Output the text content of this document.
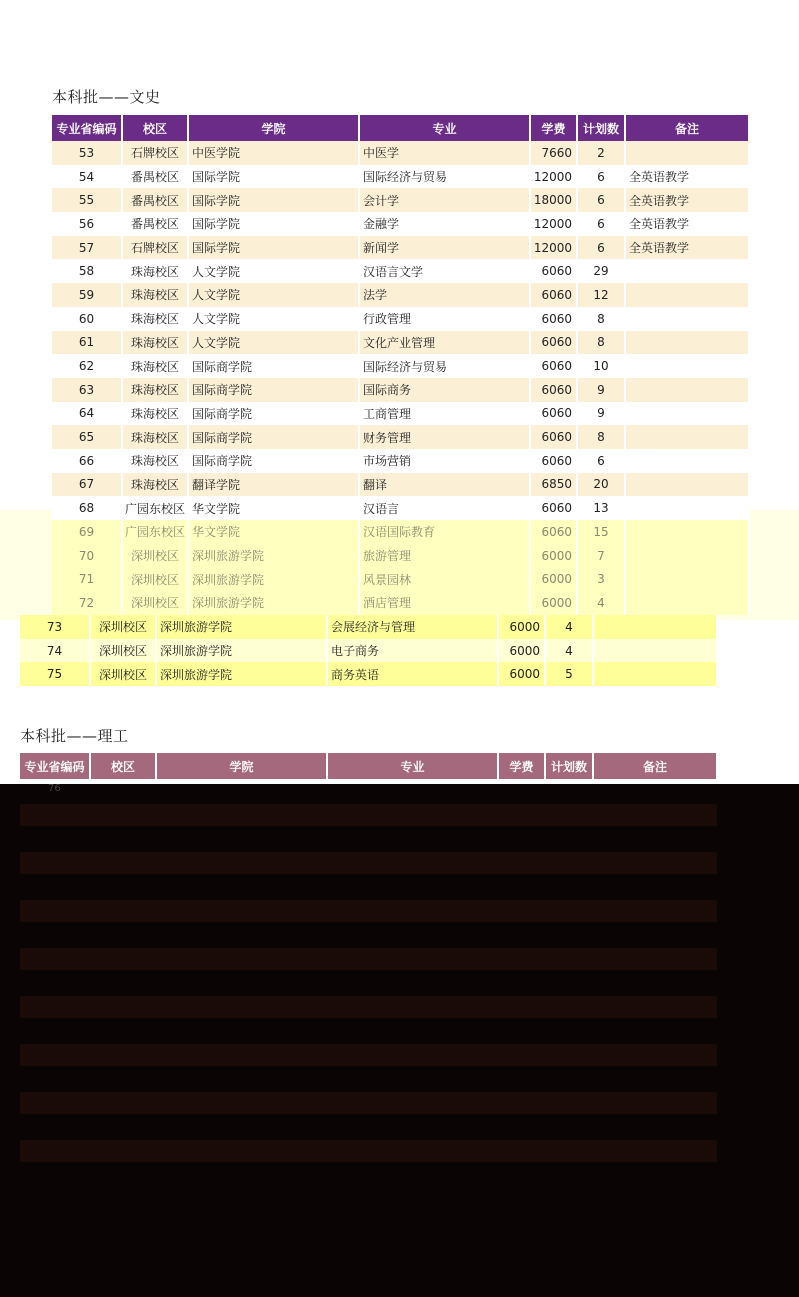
本科批——文史
专业省编码	校区	学院	专业	学费	计划数	备注
53	石牌校区	中医学院	中医学	7660	2	
54	番禺校区	国际学院	国际经济与贸易	12000	6	全英语教学
55	番禺校区	国际学院	会计学	18000	6	全英语教学
56	番禺校区	国际学院	金融学	12000	6	全英语教学
57	石牌校区	国际学院	新闻学	12000	6	全英语教学
58	珠海校区	人文学院	汉语言文学	6060	29	
59	珠海校区	人文学院	法学	6060	12	
60	珠海校区	人文学院	行政管理	6060	8	
61	珠海校区	人文学院	文化产业管理	6060	8	
62	珠海校区	国际商学院	国际经济与贸易	6060	10	
63	珠海校区	国际商学院	国际商务	6060	9	
64	珠海校区	国际商学院	工商管理	6060	9	
65	珠海校区	国际商学院	财务管理	6060	8	
66	珠海校区	国际商学院	市场营销	6060	6	
67	珠海校区	翻译学院	翻译	6850	20	
68	广园东校区	华文学院	汉语言	6060	13	
69	广园东校区	华文学院	汉语国际教育	6060	15	
70	深圳校区	深圳旅游学院	旅游管理	6000	7	
71	深圳校区	深圳旅游学院	风景园林	6000	3	
72	深圳校区	深圳旅游学院	酒店管理	6000	4	
73	深圳校区	深圳旅游学院	会展经济与管理	6000	4	
74	深圳校区	深圳旅游学院	电子商务	6000	4	
75	深圳校区	深圳旅游学院	商务英语	6000	5	
本科批——理工
专业省编码	校区	学院	专业	学费	计划数	备注
76
